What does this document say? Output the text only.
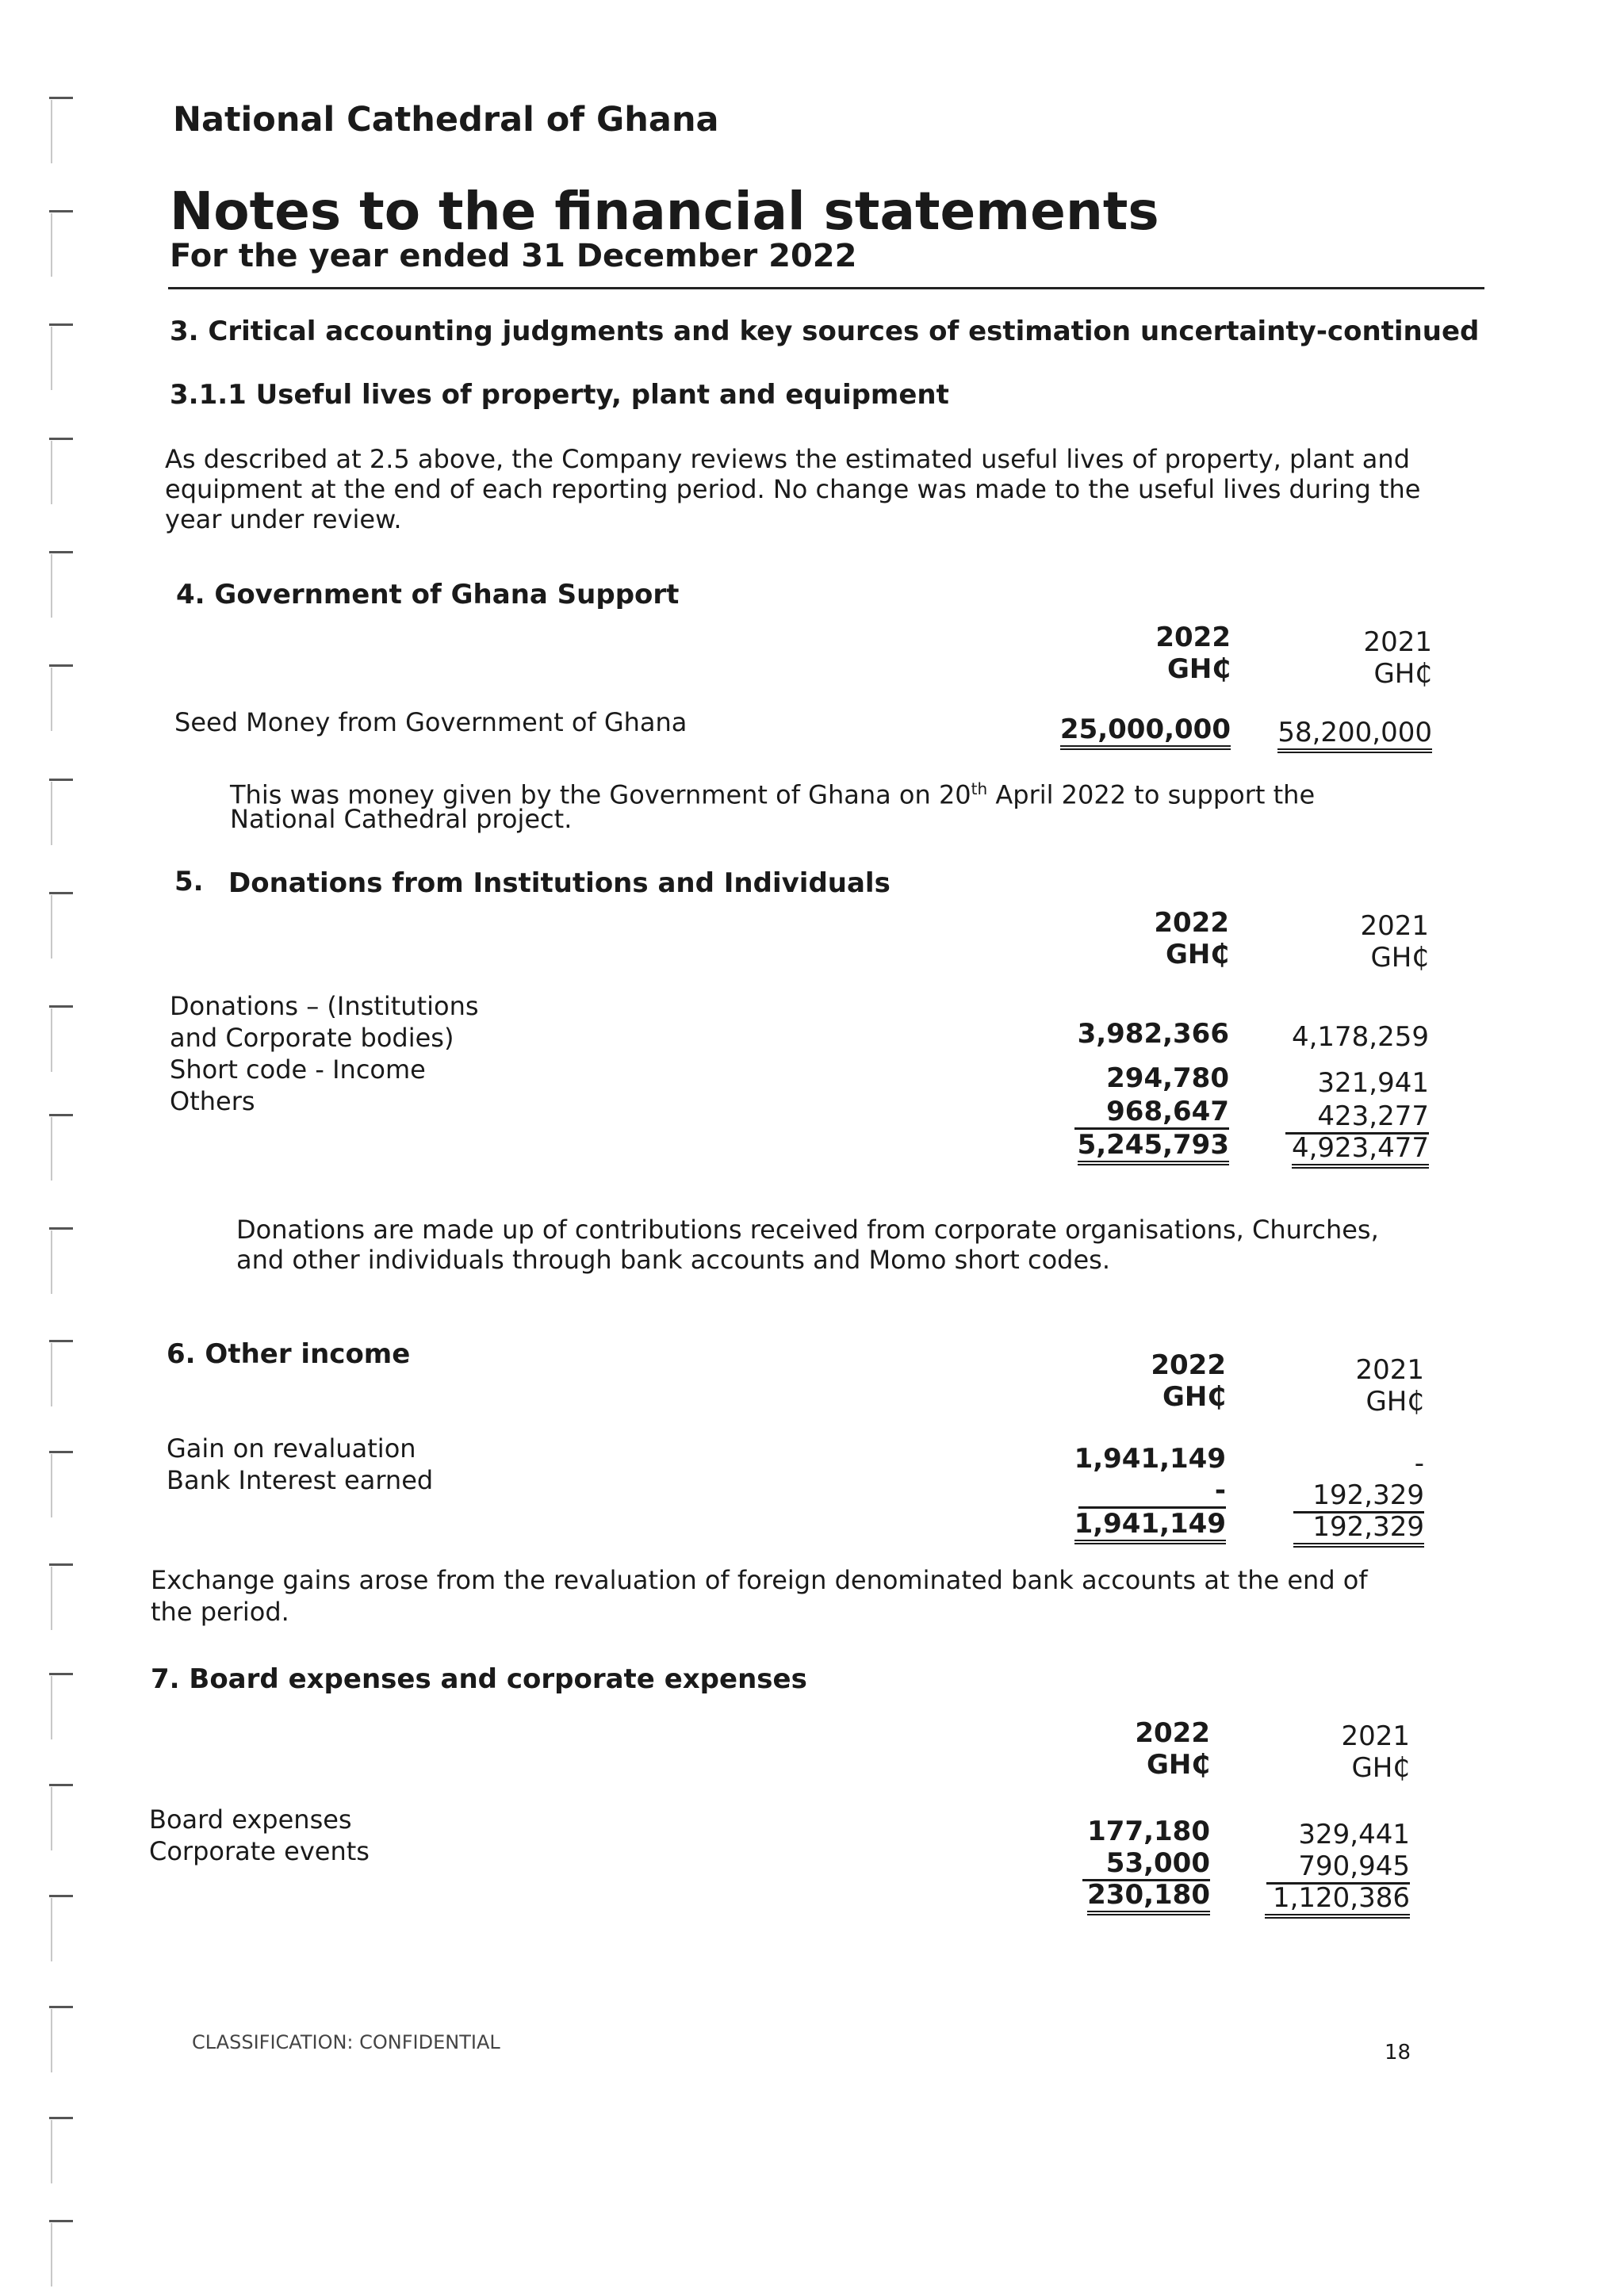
National Cathedral of Ghana
Notes to the financial statements
For the year ended 31 December 2022
3. Critical accounting judgments and key sources of estimation uncertainty-continued
3.1.1 Useful lives of property, plant and equipment
As described at 2.5 above, the Company reviews the estimated useful lives of property, plant and
equipment at the end of each reporting period. No change was made to the useful lives during the
year under review.
4. Government of Ghana Support
2022
GH₵
2021
GH₵
Seed Money from Government of Ghana	25,000,000	58,200,000
This was money given by the Government of Ghana on 20th April 2022 to support the
National Cathedral project.
5. Donations from Institutions and Individuals
2022
GH₵
2021
GH₵
Donations – (Institutions
and Corporate bodies)	3,982,366	4,178,259
Short code - Income	294,780	321,941
Others	968,647	423,277
5,245,793	4,923,477
Donations are made up of contributions received from corporate organisations, Churches,
and other individuals through bank accounts and Momo short codes.
6. Other income	2022
GH₵
2021
GH₵
Gain on revaluation	1,941,149	-
Bank Interest earned	-	192,329
1,941,149	192,329
Exchange gains arose from the revaluation of foreign denominated bank accounts at the end of
the period.
7. Board expenses and corporate expenses
2022
GH₵
2021
GH₵
Board expenses	177,180	329,441
Corporate events	53,000	790,945
230,180	1,120,386
CLASSIFICATION: CONFIDENTIAL	18
